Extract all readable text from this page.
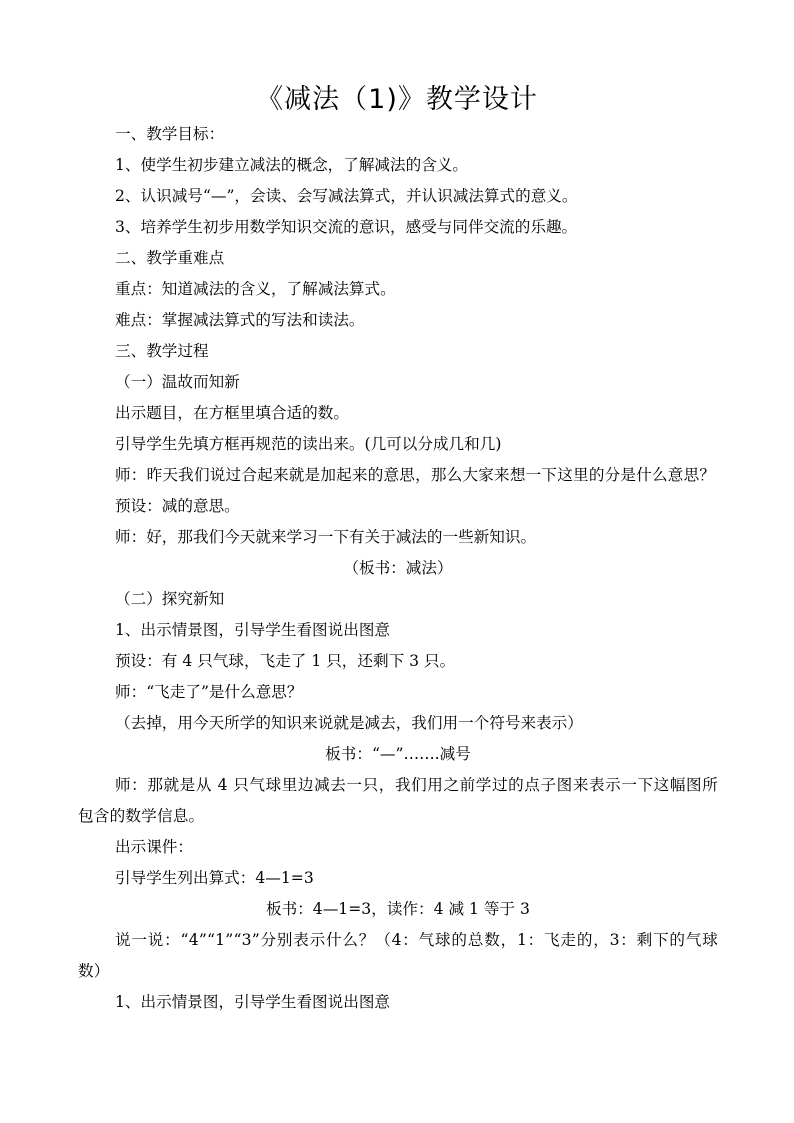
《减法（1)》教学设计

一、教学目标：

1、使学生初步建立减法的概念，了解减法的含义。

2、认识减号“—”，会读、会写减法算式，并认识减法算式的意义。

3、培养学生初步用数学知识交流的意识，感受与同伴交流的乐趣。

二、教学重难点

重点：知道减法的含义，了解减法算式。

难点：掌握减法算式的写法和读法。

三、教学过程

（一）温故而知新

出示题目，在方框里填合适的数。

引导学生先填方框再规范的读出来。(几可以分成几和几)

师：昨天我们说过合起来就是加起来的意思，那么大家来想一下这里的分是什么意思？

预设：减的意思。

师：好，那我们今天就来学习一下有关于减法的一些新知识。

（板书：减法）

（二）探究新知

1、出示情景图，引导学生看图说出图意

预设：有 4 只气球，飞走了 1 只，还剩下 3 只。

师：“飞走了”是什么意思？

（去掉，用今天所学的知识来说就是减去，我们用一个符号来表示）

板书：“—”…….减号

师：那就是从 4 只气球里边减去一只，我们用之前学过的点子图来表示一下这幅图所包含的数学信息。

出示课件：

引导学生列出算式：4—1=3

板书：4—1=3，读作：4 减 1 等于 3

说一说：“4”“1”“3”分别表示什么？（4：气球的总数，1：飞走的，3：剩下的气球数）

1、出示情景图，引导学生看图说出图意
